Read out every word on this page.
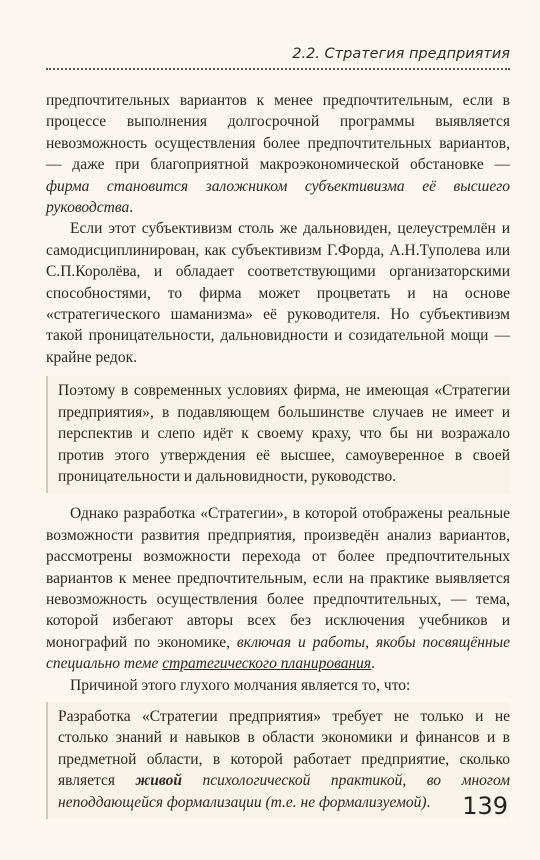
2.2. Стратегия предприятия

предпочтительных вариантов к менее предпочтительным, если в процессе выполнения долгосрочной программы выявляется невозможность осуществления более предпочтительных вариантов, — даже при благоприятной макроэкономической обстановке — фирма становится заложником субъективизма её высшего руководства.

Если этот субъективизм столь же дальновиден, целеустремлён и самодисциплинирован, как субъективизм Г.Форда, А.Н.Туполева или С.П.Королёва, и обладает соответствующими организаторскими способностями, то фирма может процветать и на основе «стратегического шаманизма» её руководителя. Но субъективизм такой проницательности, дальновидности и созидательной мощи — крайне редок.

Поэтому в современных условиях фирма, не имеющая «Стратегии предприятия», в подавляющем большинстве случаев не имеет и перспектив и слепо идёт к своему краху, что бы ни возражало против этого утверждения её высшее, самоуверенное в своей проницательности и дальновидности, руководство.

Однако разработка «Стратегии», в которой отображены реальные возможности развития предприятия, произведён анализ вариантов, рассмотрены возможности перехода от более предпочтительных вариантов к менее предпочтительным, если на практике выявляется невозможность осуществления более предпочтительных, — тема, которой избегают авторы всех без исключения учебников и монографий по экономике, включая и работы, якобы посвящённые специально теме стратегического планирования.

Причиной этого глухого молчания является то, что:

Разработка «Стратегии предприятия» требует не только и не столько знаний и навыков в области экономики и финансов и в предметной области, в которой работает предприятие, сколько является живой психологической практикой, во многом неподдающейся формализации (т.е. не формализуемой).	139
